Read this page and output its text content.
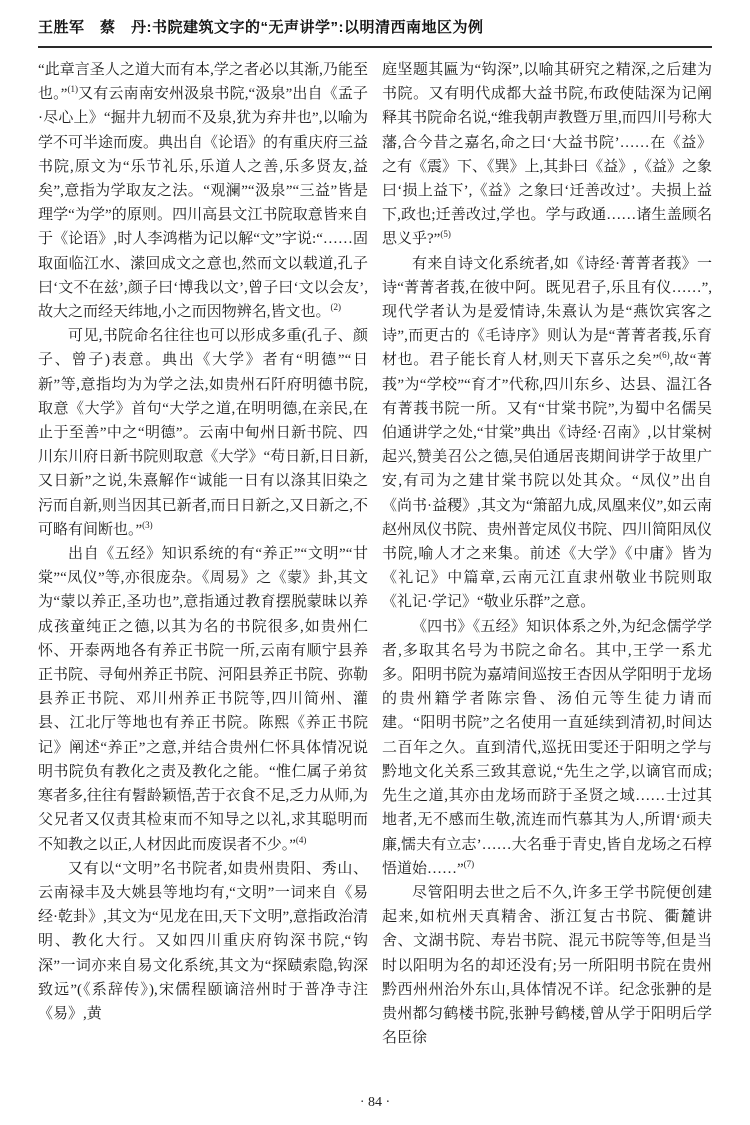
王胜军　蔡　丹:书院建筑文字的“无声讲学”:以明清西南地区为例

“此章言圣人之道大而有本,学之者必以其渐,乃能至也。”$^{(1)}$又有云南南安州汲泉书院,“汲泉”出自《孟子·尽心上》“掘井九轫而不及泉,犹为弃井也”,以喻为学不可半途而废。典出自《论语》的有重庆府三益书院,原文为“乐节礼乐,乐道人之善,乐多贤友,益矣”,意指为学取友之法。“观澜”“汲泉”“三益”皆是理学“为学”的原则。四川高县文江书院取意皆来自于《论语》,时人李鸿楷为记以解“文”字说:“……固取面临江水、潆回成文之意也,然而文以载道,孔子曰‘文不在兹’,颜子曰‘博我以文’,曾子曰‘文以会友’,故大之而经天纬地,小之而因物辨名,皆文也。$^{(2)}$

可见,书院命名往往也可以形成多重(孔子、颜子、曾子)表意。典出《大学》者有“明德”“日新”等,意指均为为学之法,如贵州石阡府明德书院,取意《大学》首句“大学之道,在明明德,在亲民,在止于至善”中之“明德”。云南中甸州日新书院、四川东川府日新书院则取意《大学》“苟日新,日日新,又日新”之说,朱熹解作“诚能一日有以涤其旧染之污而自新,则当因其已新者,而日日新之,又日新之,不可略有间断也。”$^{(3)}$

出自《五经》知识系统的有“养正”“文明”“甘棠”“凤仪”等,亦很庞杂。《周易》之《蒙》卦,其文为“蒙以养正,圣功也”,意指通过教育摆脱蒙昧以养成孩童纯正之德,以其为名的书院很多,如贵州仁怀、开泰两地各有养正书院一所,云南有顺宁县养正书院、寻甸州养正书院、河阳县养正书院、弥勒县养正书院、邓川州养正书院等,四川简州、灌县、江北厅等地也有养正书院。陈熙《养正书院记》阐述“养正”之意,并结合贵州仁怀具体情况说明书院负有教化之责及教化之能。“惟仁属子弟贫寒者多,往往有髫龄颖悟,苦于衣食不足,乏力从师,为父兄者又仅责其检束而不知导之以礼,求其聪明而不知教之以正,人材因此而废误者不少。”$^{(4)}$

又有以“文明”名书院者,如贵州贵阳、秀山、云南禄丰及大姚县等地均有,“文明”一词来自《易经·乾卦》,其文为“见龙在田,天下文明”,意指政治清明、教化大行。又如四川重庆府钩深书院,“钩深”一词亦来自易文化系统,其文为“探赜索隐,钩深致远”(《系辞传》),宋儒程颐谪涪州时于普净寺注《易》,黄

庭坚题其匾为“钩深”,以喻其研究之精深,之后建为书院。又有明代成都大益书院,布政使陆深为记阐释其书院命名说,“维我朝声教暨万里,而四川号称大藩,合今昔之嘉名,命之曰‘大益书院’……在《益》之有《震》下、《巽》上,其卦曰《益》,《益》之象曰‘损上益下’,《益》之象曰‘迁善改过’。夫损上益下,政也;迁善改过,学也。学与政通……诸生盖顾名思义乎?”$^{(5)}$

有来自诗文化系统者,如《诗经·菁菁者莪》一诗“菁菁者莪,在彼中阿。既见君子,乐且有仪……”,现代学者认为是爱情诗,朱熹认为是“燕饮宾客之诗”,而更古的《毛诗序》则认为是“菁菁者莪,乐育材也。君子能长育人材,则天下喜乐之矣”$^{(6)}$,故“菁莪”为“学校”“育才”代称,四川东乡、达县、温江各有菁莪书院一所。又有“甘棠书院”,为蜀中名儒吴伯通讲学之处,“甘棠”典出《诗经·召南》,以甘棠树起兴,赞美召公之德,吴伯通居丧期间讲学于故里广安,有司为之建甘棠书院以处其众。“凤仪”出自《尚书·益稷》,其文为“箫韶九成,凤凰来仪”,如云南赵州凤仪书院、贵州普定凤仪书院、四川简阳凤仪书院,喻人才之来集。前述《大学》《中庸》皆为《礼记》中篇章,云南元江直隶州敬业书院则取《礼记·学记》“敬业乐群”之意。

《四书》《五经》知识体系之外,为纪念儒学学者,多取其名号为书院之命名。其中,王学一系尤多。阳明书院为嘉靖间巡按王杏因从学阳明于龙场的贵州籍学者陈宗鲁、汤伯元等生徒力请而建。“阳明书院”之名使用一直延续到清初,时间达二百年之久。直到清代,巡抚田雯还于阳明之学与黔地文化关系三致其意说,“先生之学,以谪官而成;先生之道,其亦由龙场而跻于圣贤之域……士过其地者,无不感而生敬,流连而忾慕其为人,所谓‘顽夫廉,懦夫有立志’……大名垂于青史,皆自龙场之石椁悟道始……”$^{(7)}$

尽管阳明去世之后不久,许多王学书院便创建起来,如杭州天真精舍、浙江复古书院、衢麓讲舍、文湖书院、寿岩书院、混元书院等等,但是当时以阳明为名的却还没有;另一所阳明书院在贵州黔西州州治外东山,具体情况不详。纪念张翀的是贵州都匀鹤楼书院,张翀号鹤楼,曾从学于阳明后学名臣徐

· 84 ·
